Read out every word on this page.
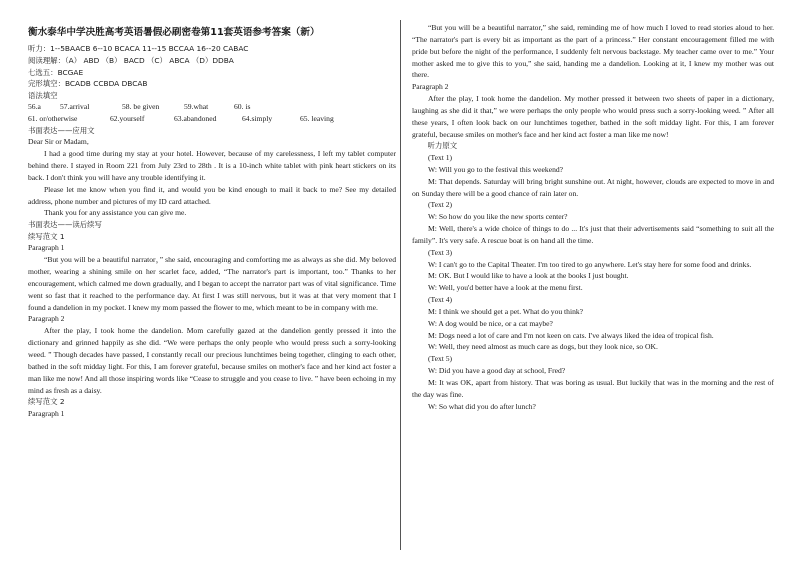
衡水泰华中学决胜高考英语暑假必刷密卷第11套英语参考答案（新）
听力：1--5BAACB 6--10 BCACA 11--15 BCCAA 16--20 CABAC
阅读理解：（A） ABD （B） BACD （C） ABCA （D）DDBA
七选五：BCGAE
完形填空：BCADB CCBDA DBCAB
语法填空
56.a	57.arrival	58. be given	59.what	60. is
61. or/otherwise	62.yourself	63.abandoned	64.simply	65. leaving
书面表达——应用文
Dear Sir or Madam,

I had a good time during my stay at your hotel. However, because of my carelessness, I left my tablet computer behind there. I stayed in Room 221 from July 23rd to 28th . It is a 10-inch white tablet with pink heart stickers on its back. I don't think you will have any trouble identifying it.

Please let me know when you find it, and would you be kind enough to mail it back to me? See my detailed address, phone number and pictures of my ID card attached.

Thank you for any assistance you can give me.

书面表达——读后续写
续写范文 1
Paragraph 1

“But you will be a beautiful narrator，” she said, encouraging and comforting me as always as she did. My beloved mother, wearing a shining smile on her scarlet face, added, “The narrator's part is important, too.” Thanks to her encouragement, which calmed me down gradually, and I began to accept the narrator part was of vital significance. Time went so fast that it reached to the performance day. At first I was still nervous, but it was at that very moment that I found a dandelion in my pocket. I knew my mom passed the flower to me, which meant to be in company with me.

Paragraph 2

After the play, I took home the dandelion. Mom carefully gazed at the dandelion gently pressed it into the dictionary and grinned happily as she did. “We were perhaps the only people who would press such a sorry-looking weed. ” Though decades have passed, I constantly recall our precious lunchtimes being together, clinging to each other, bathed in the soft midday light. For this, I am forever grateful, because smiles on mother's face and her kind act foster a man like me now! And all those inspiring words like “Cease to struggle and you cease to live. ” have been echoing in my mind as fresh as a daisy.

续写范文 2
Paragraph 1

“But you will be a beautiful narrator,” she said, reminding me of how much I loved to read stories aloud to her. “The narrator's part is every bit as important as the part of a princess.” Her constant encouragement filled me with pride but before the night of the performance, I suddenly felt nervous backstage. My teacher came over to me.” Your mother asked me to give this to you,” she said, handing me a dandelion. Looking at it, I knew my mother was out there.

Paragraph 2

After the play, I took home the dandelion. My mother pressed it between two sheets of paper in a dictionary, laughing as she did it that,” we were perhaps the only people who would press such a sorry-looking weed. ” After all these years, I often look back on our lunchtimes together, bathed in the soft midday light. For this, I am forever grateful, because smiles on mother's face and her kind act foster a man like me now!

听力原文

(Text 1)

W: Will you go to the festival this weekend?

M: That depends. Saturday will bring bright sunshine out. At night, however, clouds are expected to move in and on Sunday there will be a good chance of rain later on.

(Text 2)

W: So how do you like the new sports center?

M: Well, there's a wide choice of things to do ... It's just that their advertisements said “something to suit all the family”. It's very safe. A rescue boat is on hand all the time.

(Text 3)

W: I can't go to the Capital Theater. I'm too tired to go anywhere. Let's stay here for some food and drinks.

M: OK. But I would like to have a look at the books I just bought.

W: Well, you'd better have a look at the menu first.

(Text 4)

M: I think we should get a pet. What do you think?

W: A dog would be nice, or a cat maybe?

M: Dogs need a lot of care and I'm not keen on cats. I've always liked the idea of tropical fish.

W: Well, they need almost as much care as dogs, but they look nice, so OK.

(Text 5)

W: Did you have a good day at school, Fred?

M: It was OK, apart from history. That was boring as usual. But luckily that was in the morning and the rest of the day was fine.

W: So what did you do after lunch?
